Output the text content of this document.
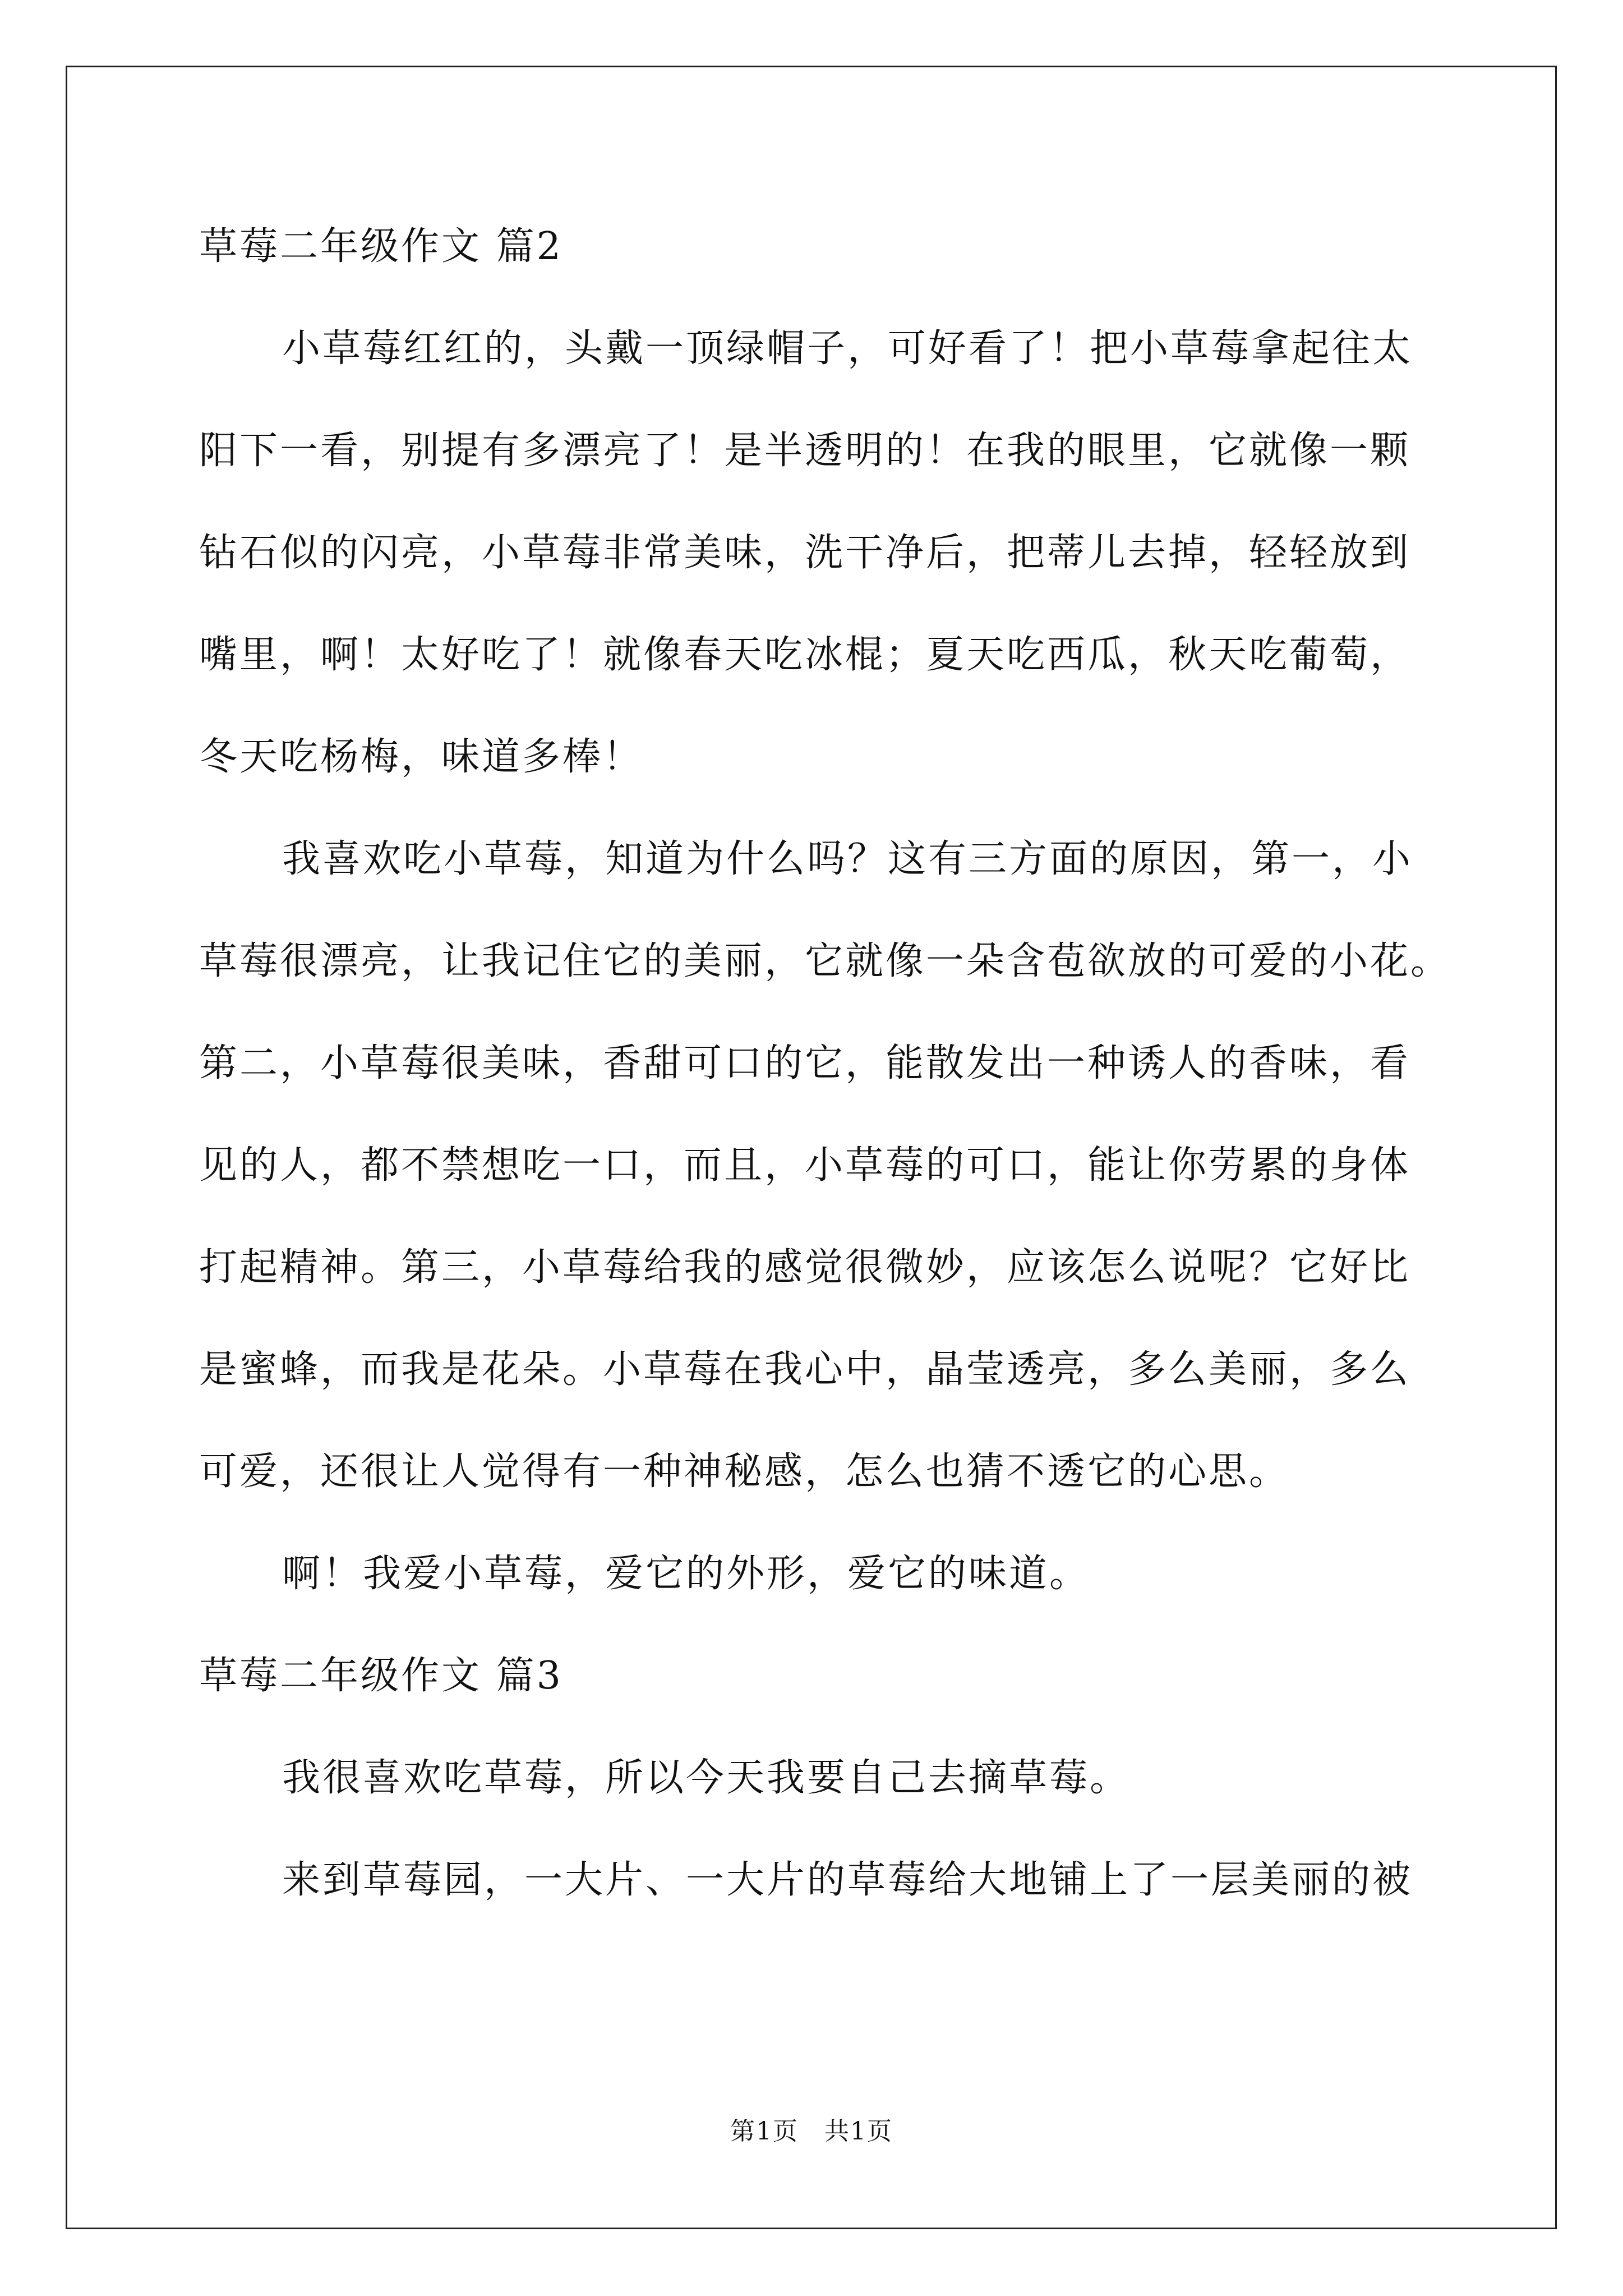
草莓二年级作文 篇2
小草莓红红的，头戴一顶绿帽子，可好看了！把小草莓拿起往太
阳下一看，别提有多漂亮了！是半透明的！在我的眼里，它就像一颗
钻石似的闪亮，小草莓非常美味，洗干净后，把蒂儿去掉，轻轻放到
嘴里，啊！太好吃了！就像春天吃冰棍；夏天吃西瓜，秋天吃葡萄，
冬天吃杨梅，味道多棒！
我喜欢吃小草莓，知道为什么吗？这有三方面的原因，第一，小
草莓很漂亮，让我记住它的美丽，它就像一朵含苞欲放的可爱的小花。
第二，小草莓很美味，香甜可口的它，能散发出一种诱人的香味，看
见的人，都不禁想吃一口，而且，小草莓的可口，能让你劳累的身体
打起精神。第三，小草莓给我的感觉很微妙，应该怎么说呢？它好比
是蜜蜂，而我是花朵。小草莓在我心中，晶莹透亮，多么美丽，多么
可爱，还很让人觉得有一种神秘感，怎么也猜不透它的心思。
啊！我爱小草莓，爱它的外形，爱它的味道。
草莓二年级作文 篇3
我很喜欢吃草莓，所以今天我要自己去摘草莓。
来到草莓园，一大片、一大片的草莓给大地铺上了一层美丽的被
第1页　共1页
